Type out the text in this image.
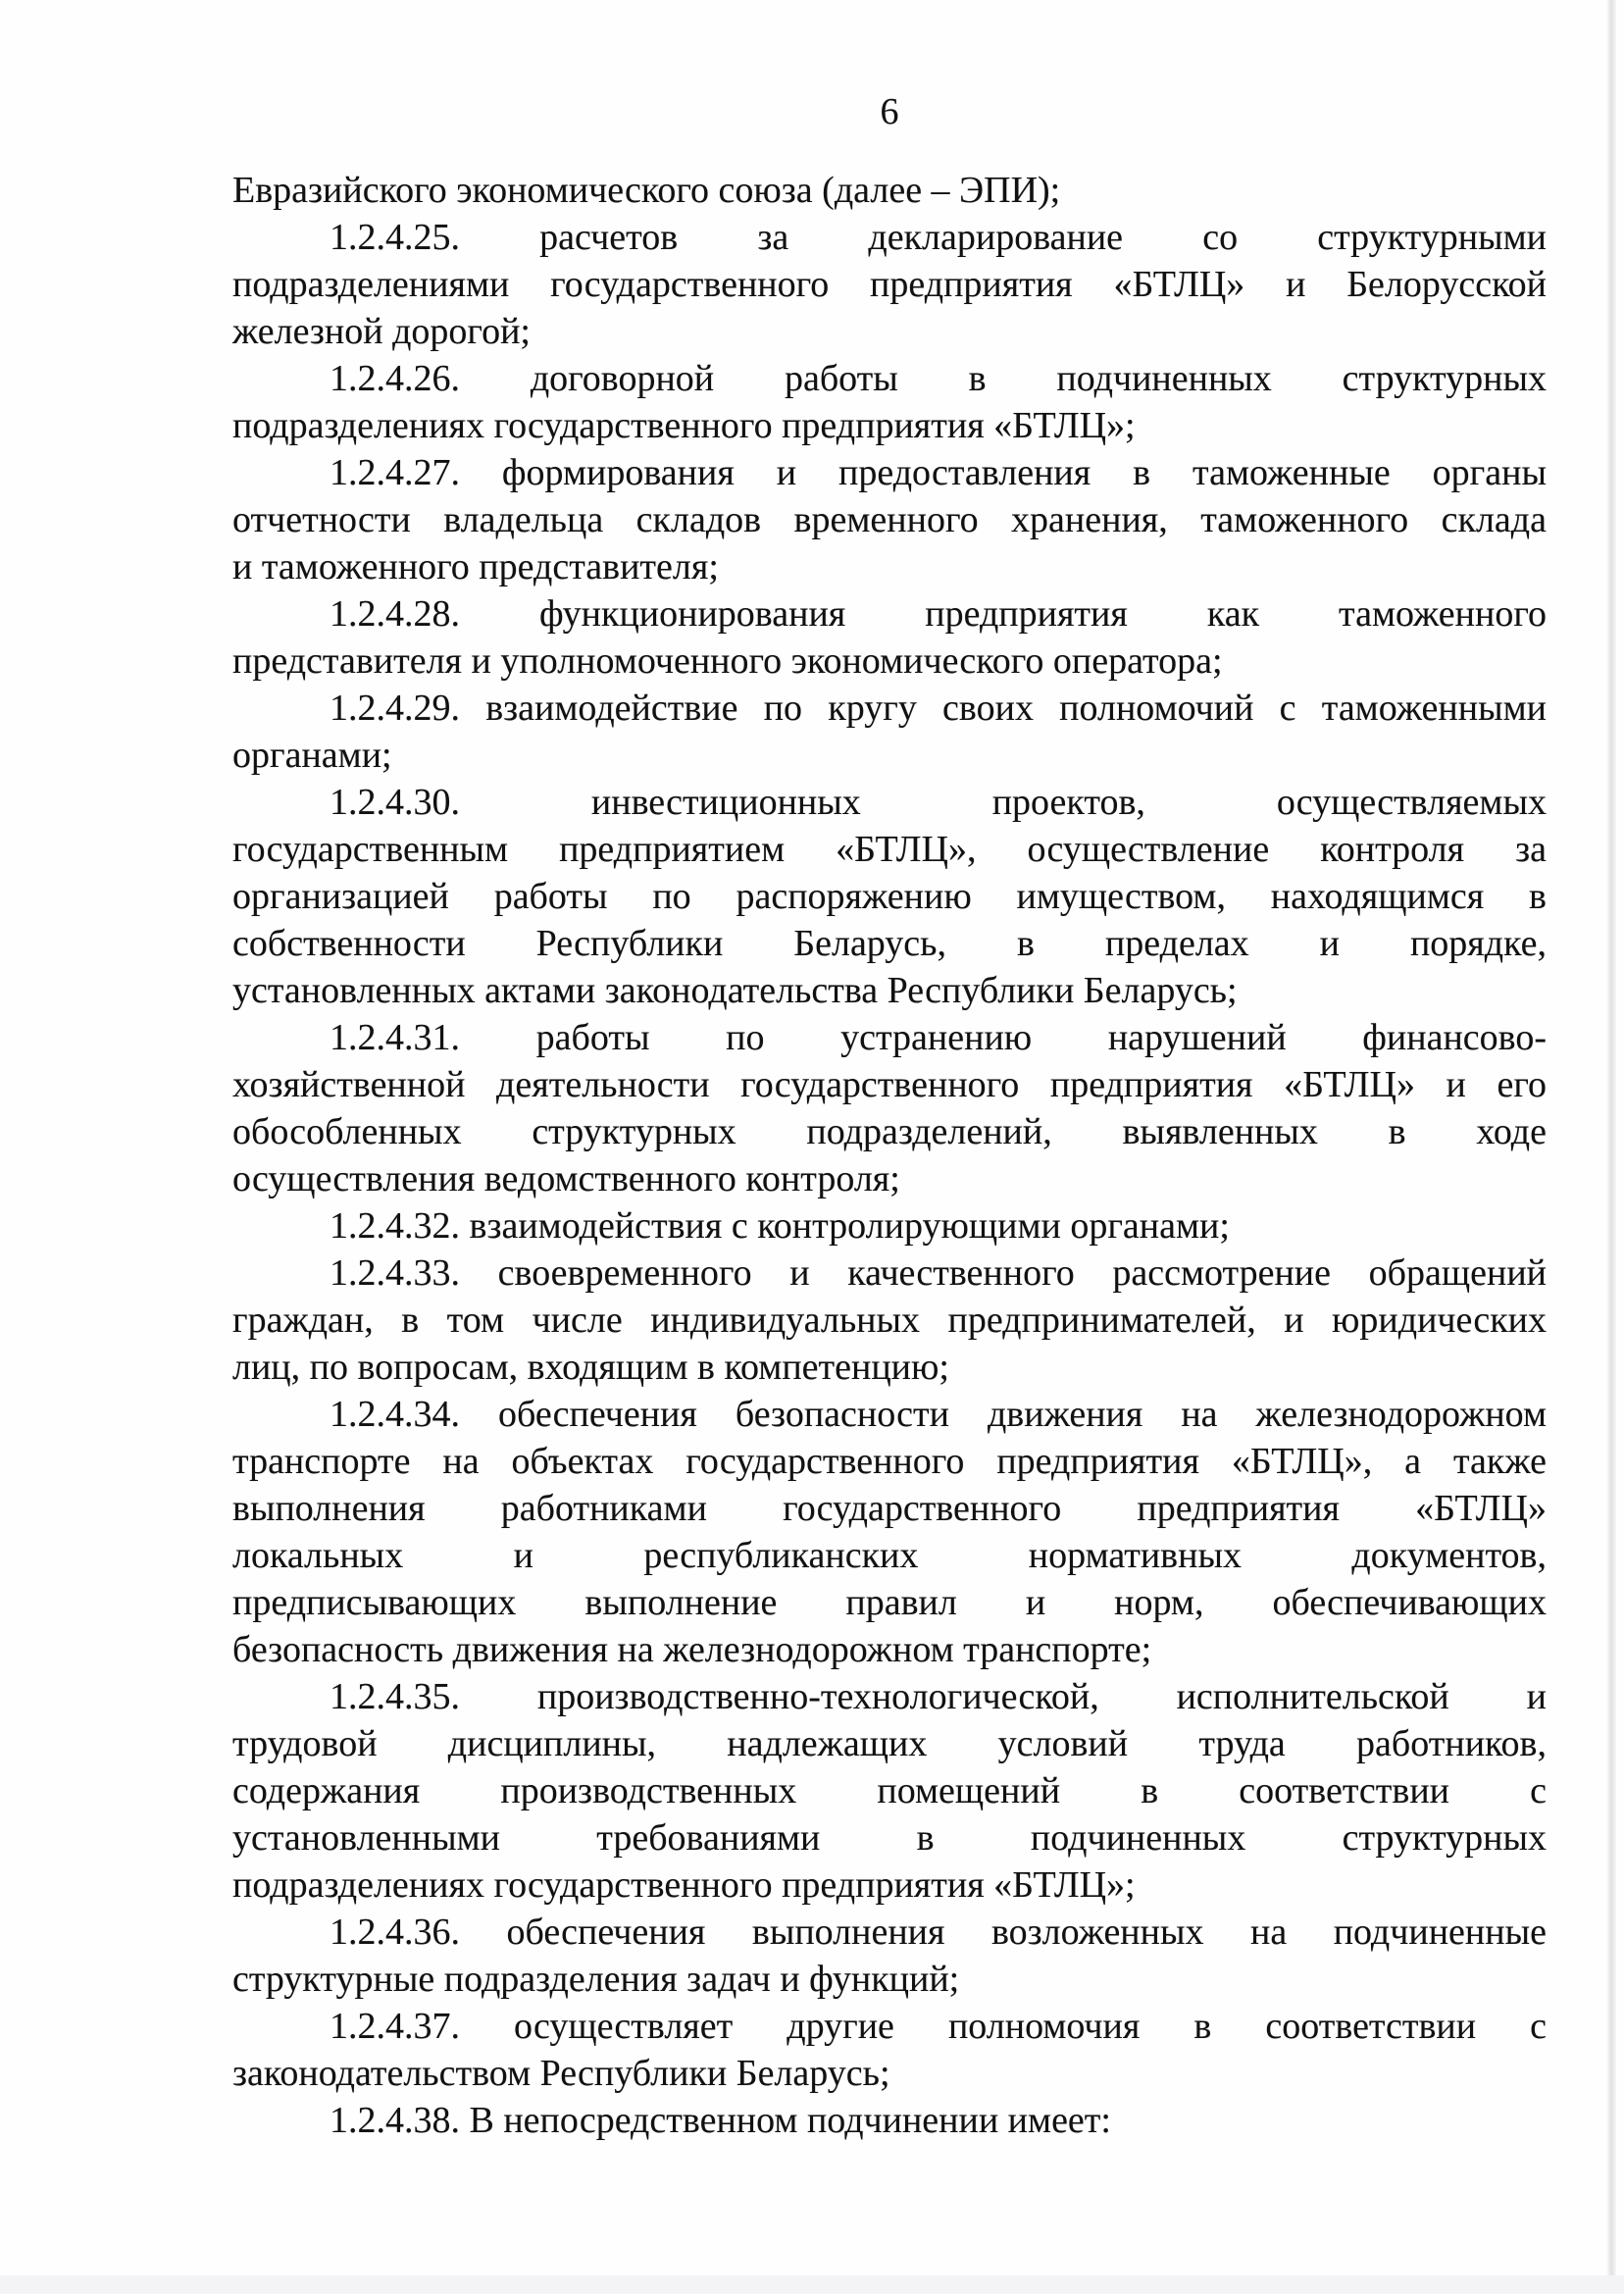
6
Евразийского экономического союза (далее – ЭПИ);
1.2.4.25. расчетов за декларирование со структурными
подразделениями государственного предприятия «БТЛЦ» и Белорусской
железной дорогой;
1.2.4.26. договорной работы в подчиненных структурных
подразделениях государственного предприятия «БТЛЦ»;
1.2.4.27. формирования и предоставления в таможенные органы
отчетности владельца складов временного хранения, таможенного склада
и таможенного представителя;
1.2.4.28. функционирования предприятия как таможенного
представителя и уполномоченного экономического оператора;
1.2.4.29. взаимодействие по кругу своих полномочий с таможенными
органами;
1.2.4.30. инвестиционных проектов, осуществляемых
государственным предприятием «БТЛЦ», осуществление контроля за
организацией работы по распоряжению имуществом, находящимся в
собственности Республики Беларусь, в пределах и порядке,
установленных актами законодательства Республики Беларусь;
1.2.4.31. работы по устранению нарушений финансово-
хозяйственной деятельности государственного предприятия «БТЛЦ» и его
обособленных структурных подразделений, выявленных в ходе
осуществления ведомственного контроля;
1.2.4.32. взаимодействия с контролирующими органами;
1.2.4.33. своевременного и качественного рассмотрение обращений
граждан, в том числе индивидуальных предпринимателей, и юридических
лиц, по вопросам, входящим в компетенцию;
1.2.4.34. обеспечения безопасности движения на железнодорожном
транспорте на объектах государственного предприятия «БТЛЦ», а также
выполнения работниками государственного предприятия «БТЛЦ»
локальных и республиканских нормативных документов,
предписывающих выполнение правил и норм, обеспечивающих
безопасность движения на железнодорожном транспорте;
1.2.4.35. производственно-технологической, исполнительской и
трудовой дисциплины, надлежащих условий труда работников,
содержания производственных помещений в соответствии с
установленными требованиями в подчиненных структурных
подразделениях государственного предприятия «БТЛЦ»;
1.2.4.36. обеспечения выполнения возложенных на подчиненные
структурные подразделения задач и функций;
1.2.4.37. осуществляет другие полномочия в соответствии с
законодательством Республики Беларусь;
1.2.4.38. В непосредственном подчинении имеет:
